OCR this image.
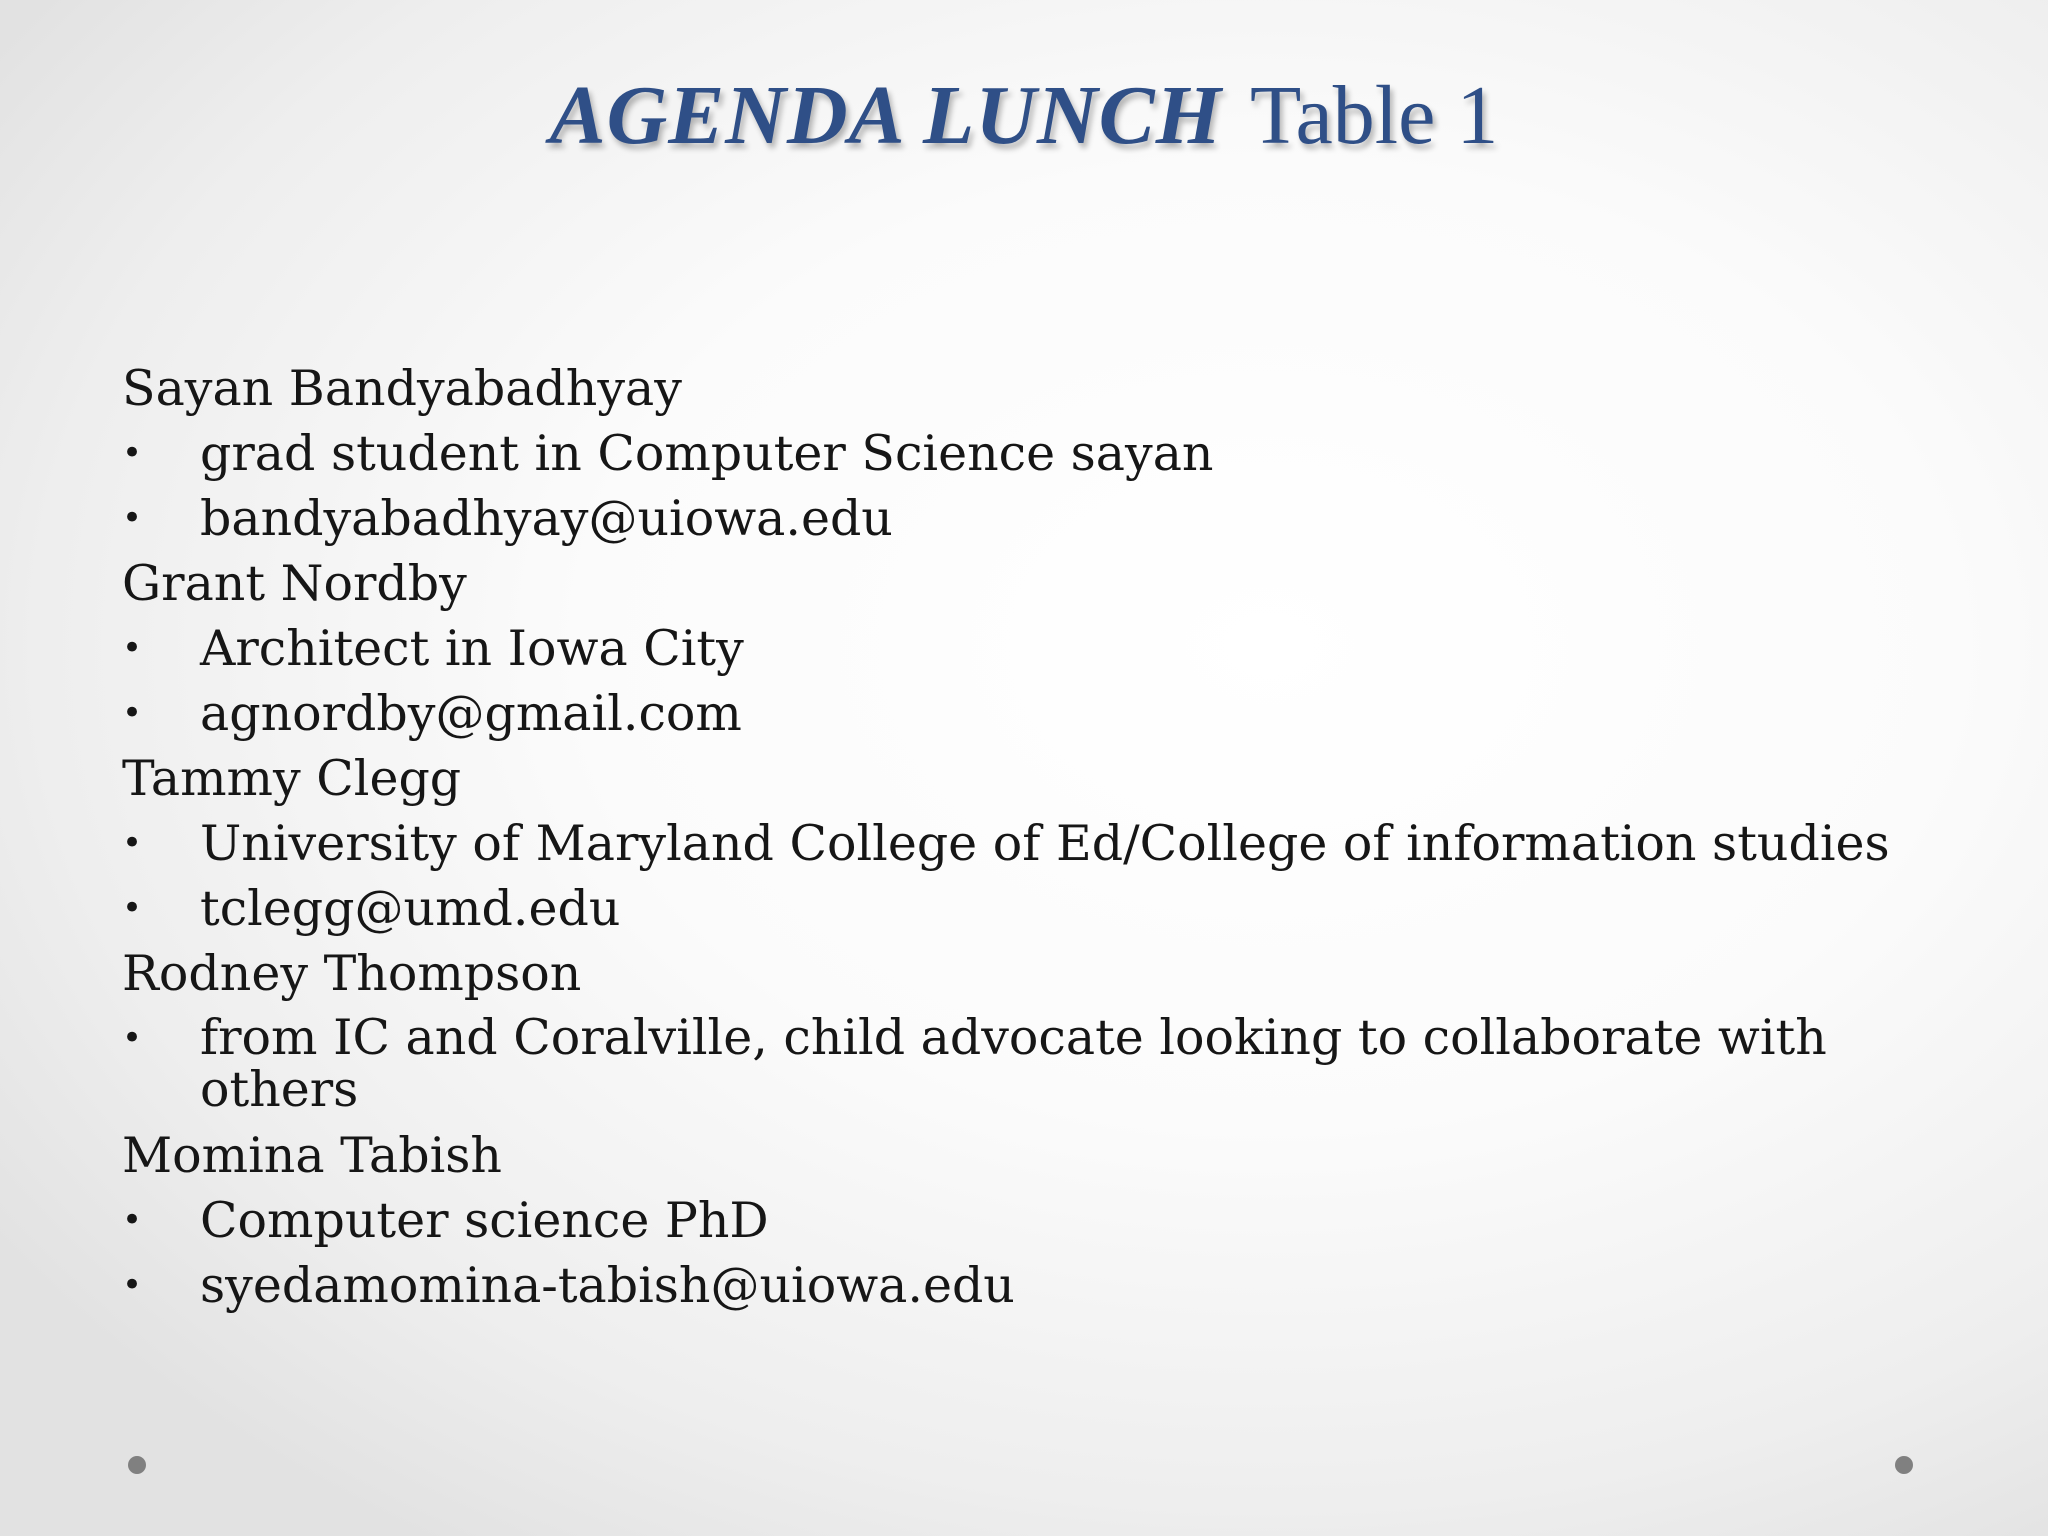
AGENDA LUNCH Table 1
Sayan Bandyabadhyay
• grad student in Computer Science sayan
• bandyabadhyay@uiowa.edu
Grant Nordby
• Architect in Iowa City
• agnordby@gmail.com
Tammy Clegg
• University of Maryland College of Ed/College of information studies
• tclegg@umd.edu
Rodney Thompson
• from IC and Coralville, child advocate looking to collaborate with others
Momina Tabish
• Computer science PhD
• syedamomina-tabish@uiowa.edu
